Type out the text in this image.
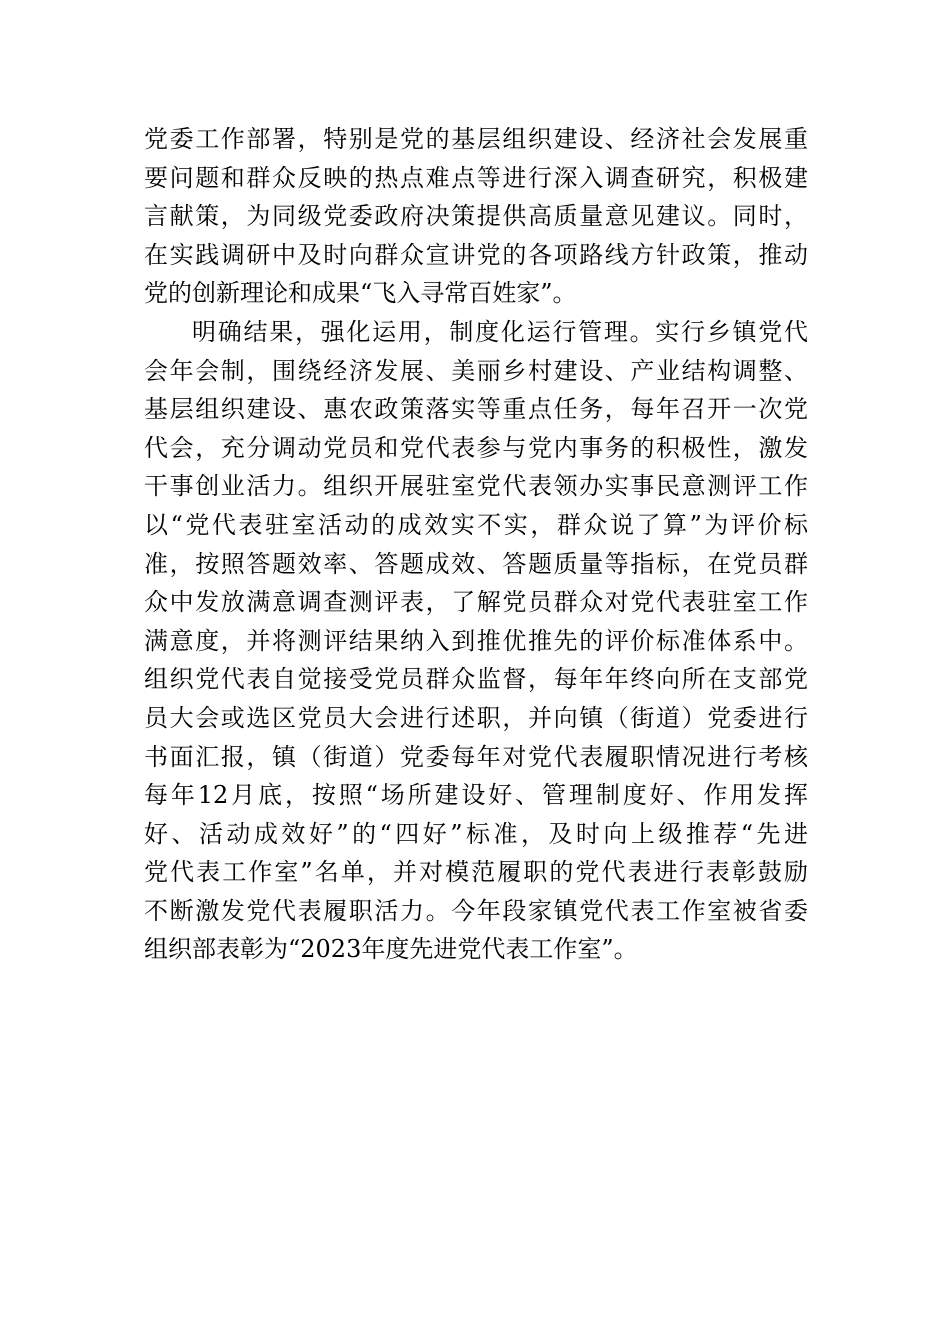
党委工作部署，特别是党的基层组织建设、经济社会发展重
要问题和群众反映的热点难点等进行深入调查研究，积极建
言献策，为同级党委政府决策提供高质量意见建议。同时，
在实践调研中及时向群众宣讲党的各项路线方针政策，推动
党的创新理论和成果“飞入寻常百姓家”。
明确结果，强化运用，制度化运行管理。实行乡镇党代
会年会制，围绕经济发展、美丽乡村建设、产业结构调整、
基层组织建设、惠农政策落实等重点任务，每年召开一次党
代会，充分调动党员和党代表参与党内事务的积极性，激发
干事创业活力。组织开展驻室党代表领办实事民意测评工作
以“党代表驻室活动的成效实不实，群众说了算”为评价标
准，按照答题效率、答题成效、答题质量等指标，在党员群
众中发放满意调查测评表，了解党员群众对党代表驻室工作
满意度，并将测评结果纳入到推优推先的评价标准体系中。
组织党代表自觉接受党员群众监督，每年年终向所在支部党
员大会或选区党员大会进行述职，并向镇（街道）党委进行
书面汇报，镇（街道）党委每年对党代表履职情况进行考核
每年12月底，按照“场所建设好、管理制度好、作用发挥
好、活动成效好”的“四好”标准，及时向上级推荐“先进
党代表工作室”名单，并对模范履职的党代表进行表彰鼓励
不断激发党代表履职活力。今年段家镇党代表工作室被省委
组织部表彰为“2023年度先进党代表工作室”。
